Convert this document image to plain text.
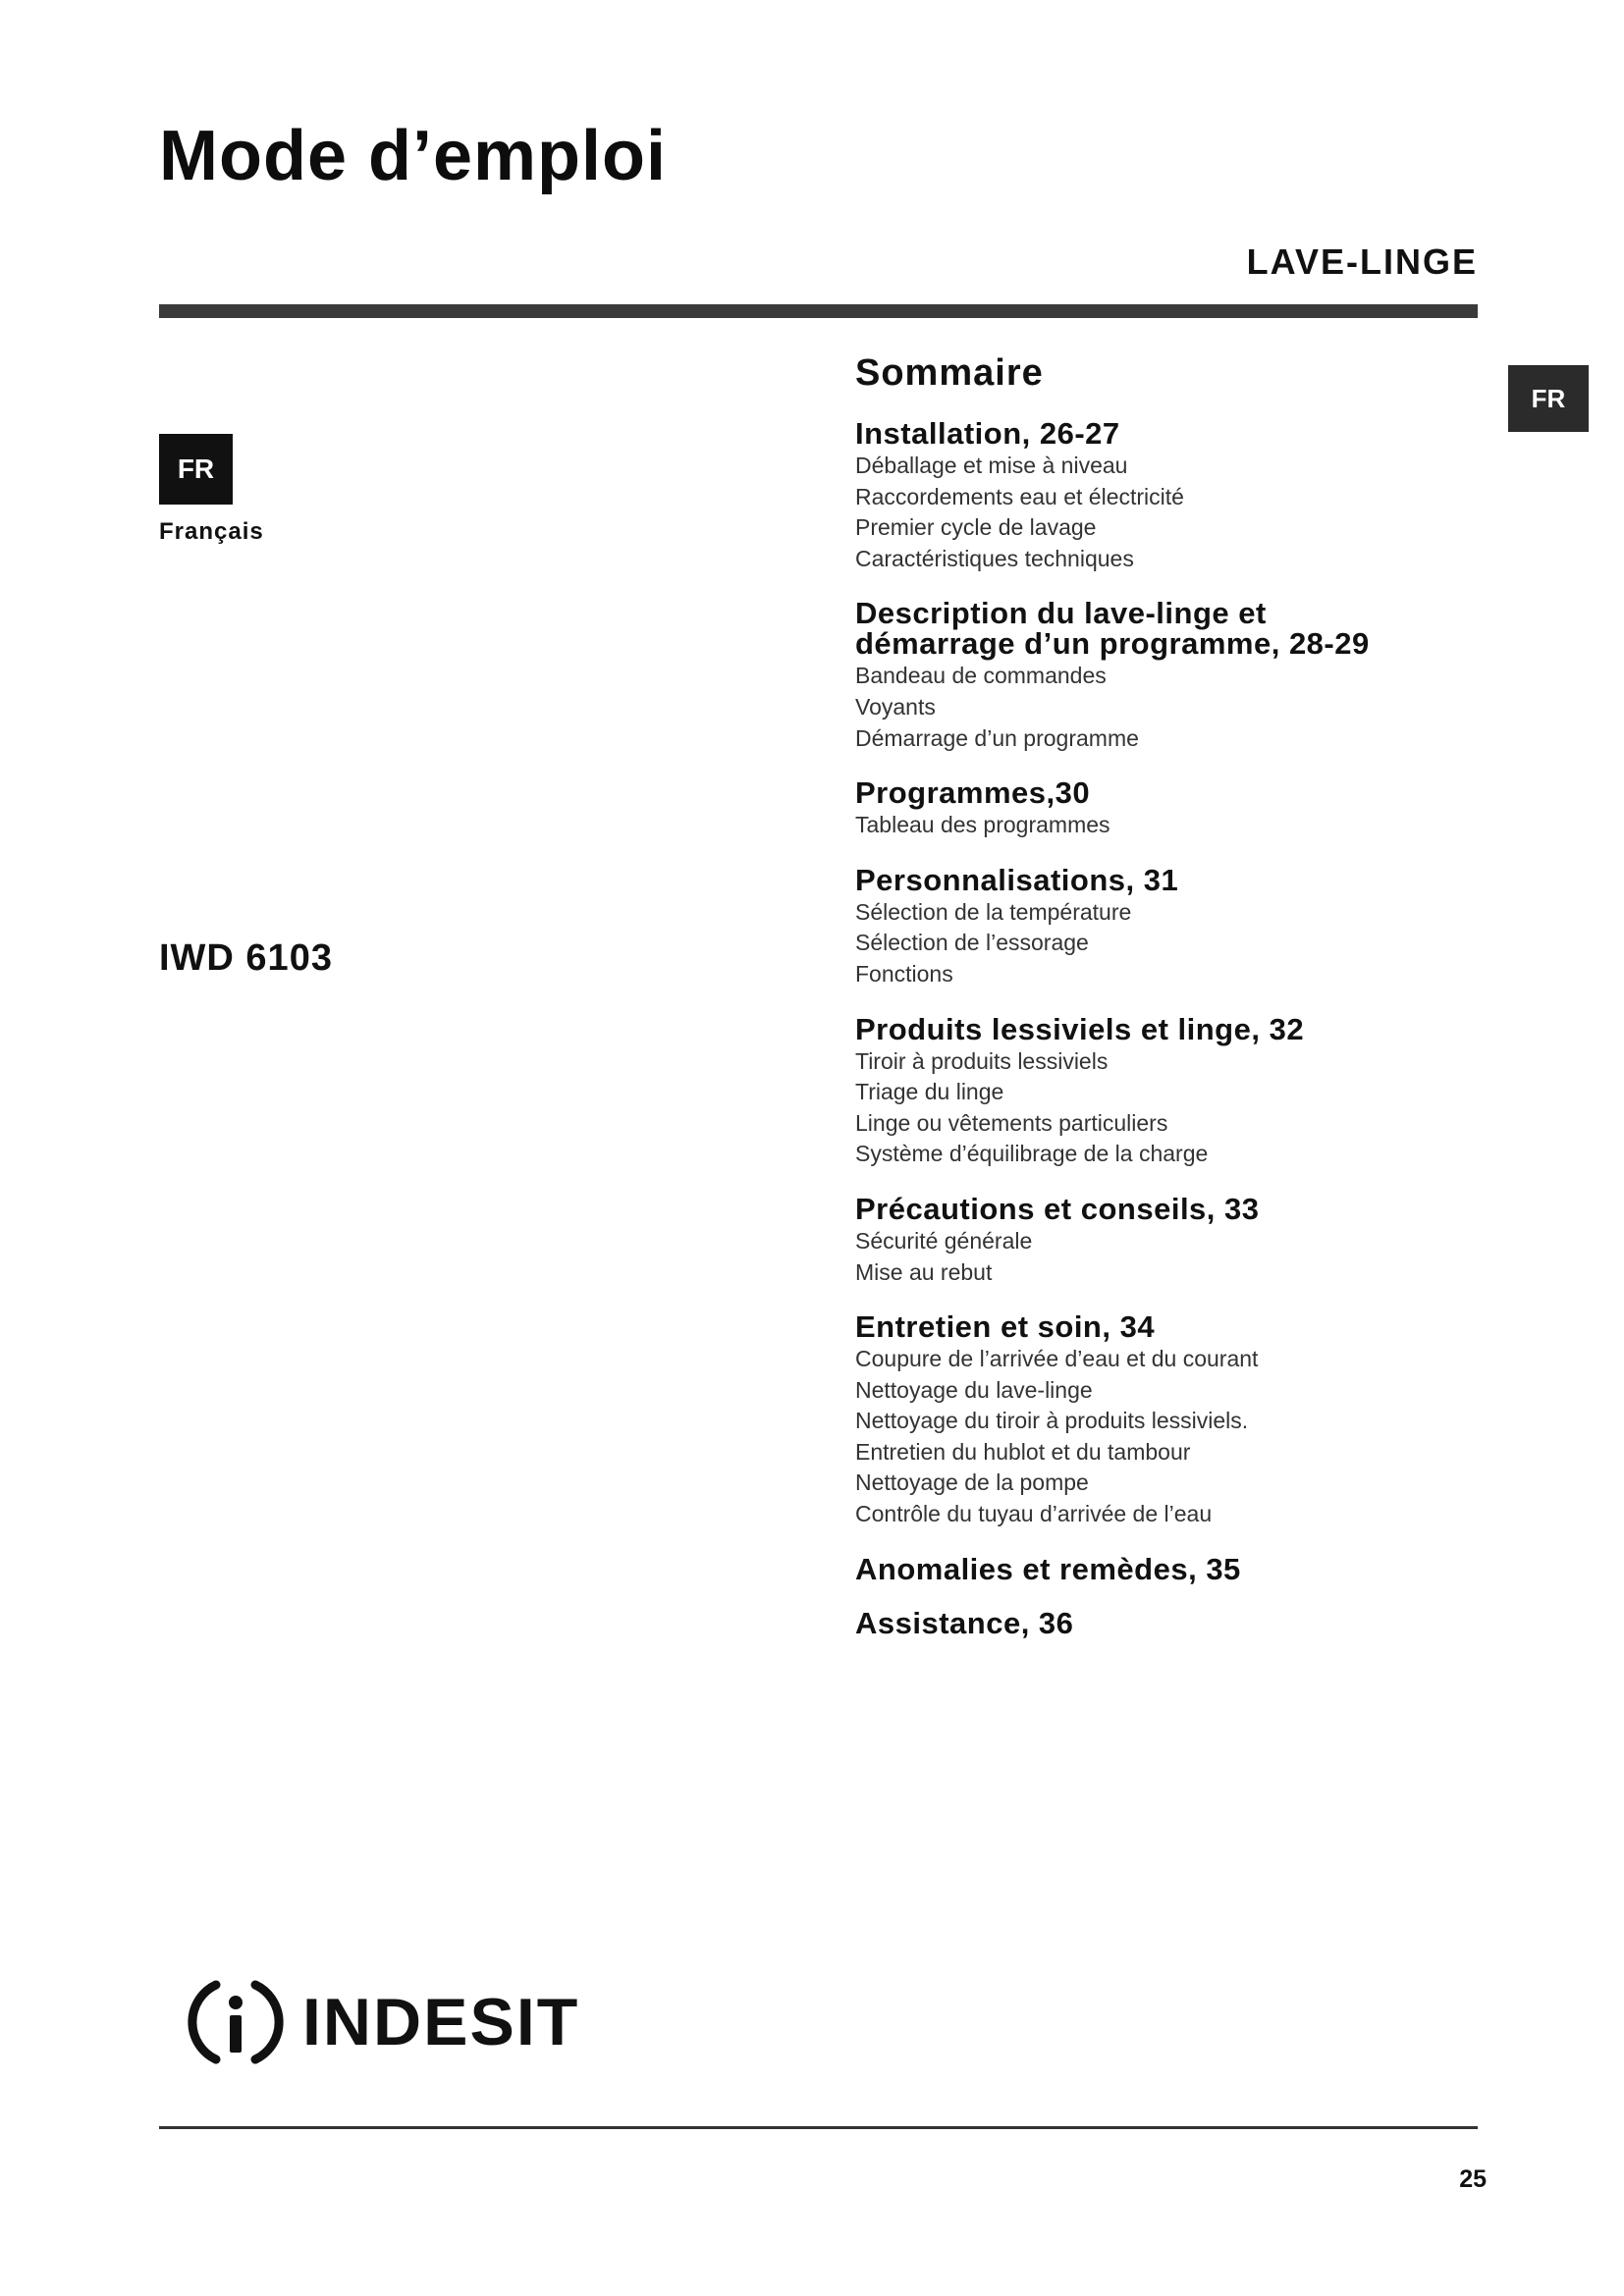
Mode d’emploi
LAVE-LINGE
FR
FR
Français
IWD 6103
Sommaire
Installation, 26-27
Déballage et mise à niveau
Raccordements eau et électricité
Premier cycle de lavage
Caractéristiques techniques
Description du lave-linge et
démarrage d’un programme, 28-29
Bandeau de commandes
Voyants
Démarrage d’un programme
Programmes,30
Tableau des programmes
Personnalisations, 31
Sélection de la température
Sélection de l’essorage
Fonctions
Produits lessiviels et linge, 32
Tiroir à produits lessiviels
Triage du linge
Linge ou vêtements particuliers
Système d’équilibrage de la charge
Précautions et conseils, 33
Sécurité générale
Mise au rebut
Entretien et soin, 34
Coupure de l’arrivée d’eau et du courant
Nettoyage du lave-linge
Nettoyage du tiroir à produits lessiviels.
Entretien du hublot et du tambour
Nettoyage de la pompe
Contrôle du tuyau d’arrivée de l’eau
Anomalies et remèdes, 35
Assistance, 36
INDESIT
25
